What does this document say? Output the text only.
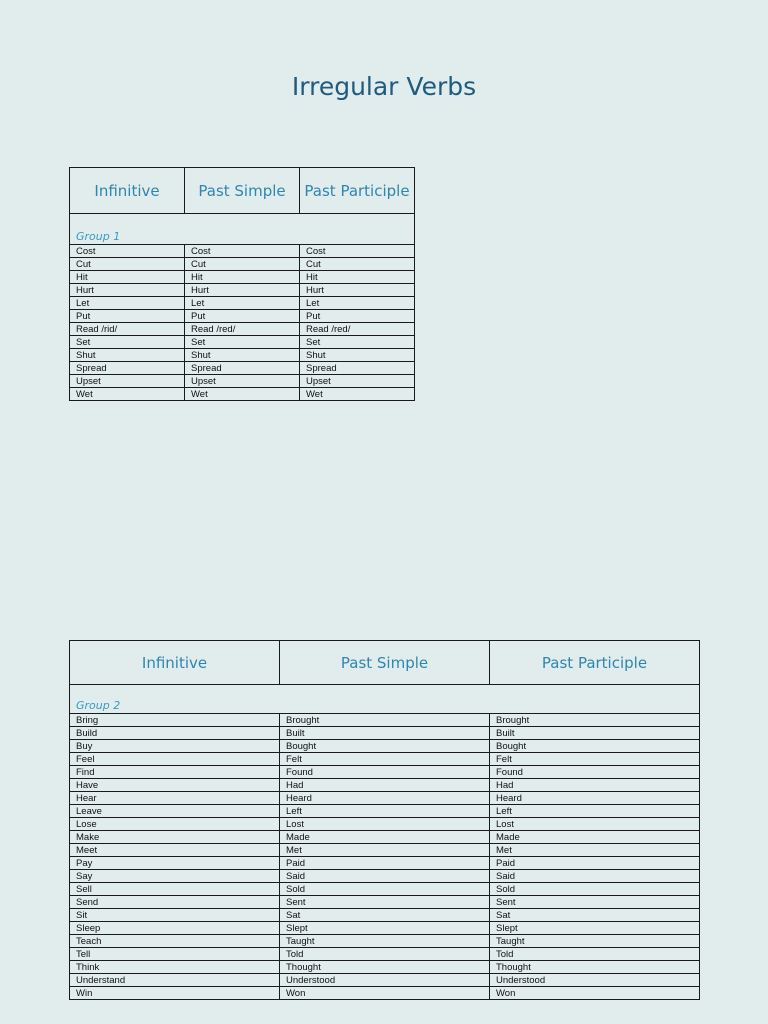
Irregular Verbs
Infinitive	Past Simple	Past Participle
Group 1		
Cost	Cost	Cost
Cut	Cut	Cut
Hit	Hit	Hit
Hurt	Hurt	Hurt
Let	Let	Let
Put	Put	Put
Read /rid/	Read /red/	Read /red/
Set	Set	Set
Shut	Shut	Shut
Spread	Spread	Spread
Upset	Upset	Upset
Wet	Wet	Wet
Infinitive	Past Simple	Past Participle
Group 2		
Bring	Brought	Brought
Build	Built	Built
Buy	Bought	Bought
Feel	Felt	Felt
Find	Found	Found
Have	Had	Had
Hear	Heard	Heard
Leave	Left	Left
Lose	Lost	Lost
Make	Made	Made
Meet	Met	Met
Pay	Paid	Paid
Say	Said	Said
Sell	Sold	Sold
Send	Sent	Sent
Sit	Sat	Sat
Sleep	Slept	Slept
Teach	Taught	Taught
Tell	Told	Told
Think	Thought	Thought
Understand	Understood	Understood
Win	Won	Won
